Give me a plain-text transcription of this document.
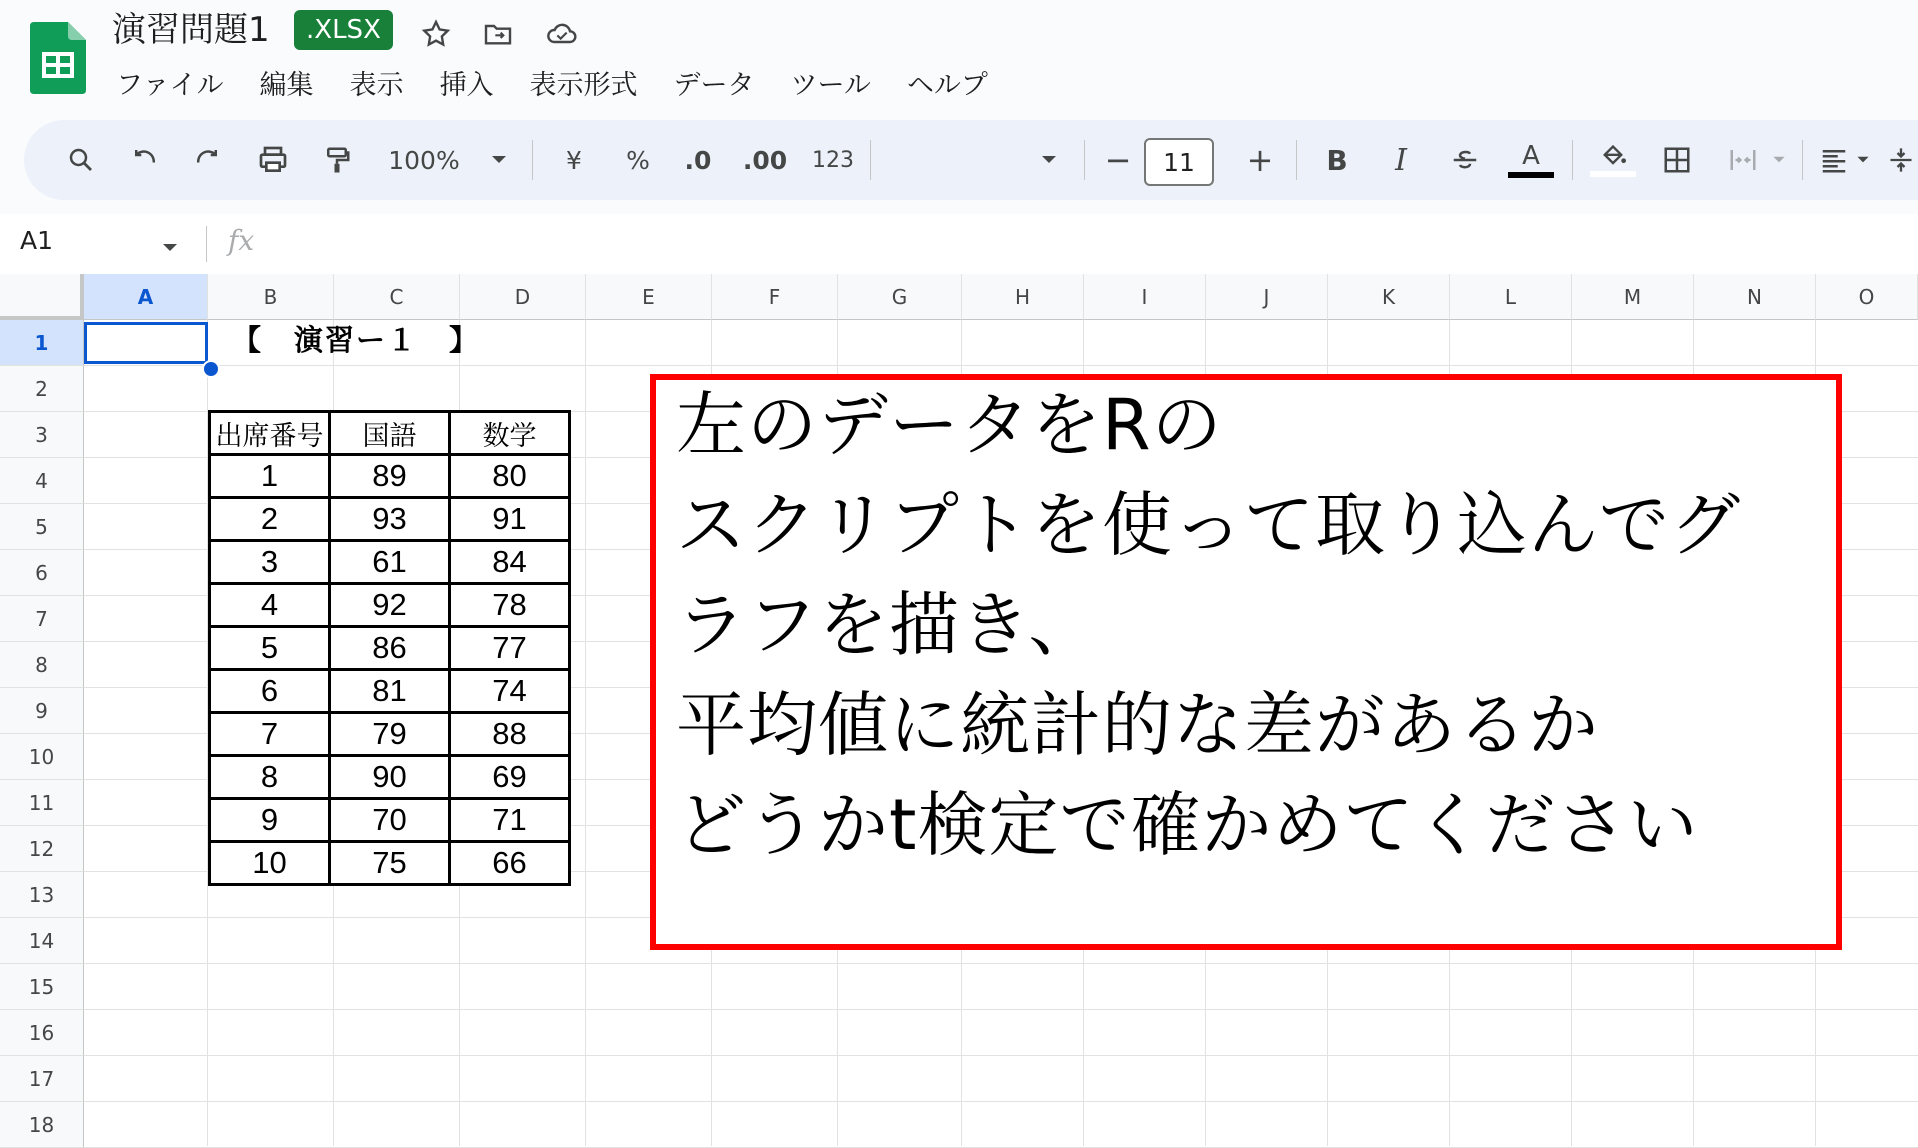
演習問題1	.XLSX
ファイル 編集 表示 挿入 表示形式 データ ツール ヘルプ
100%	¥	%	.0	.00 123	−	+	B	I	A
11
A1	fx
A	B	C	D	E	F	G	H	I	J	K	L	M	N	O
1
2
3
4
5
6
7
8
9
10
11
12
13
14
15
16
17
18
【　演習ー１　】
出席番号	国語	数学
1	89	80
2	93	91
3	61	84
4	92	78
5	86	77
6	81	74
7	79	88
8	90	69
9	70	71
10	75	66
左のデータをRの
スクリプトを使って取り込んでグ
ラフを描き、
平均値に統計的な差があるか
どうかt検定で確かめてください
